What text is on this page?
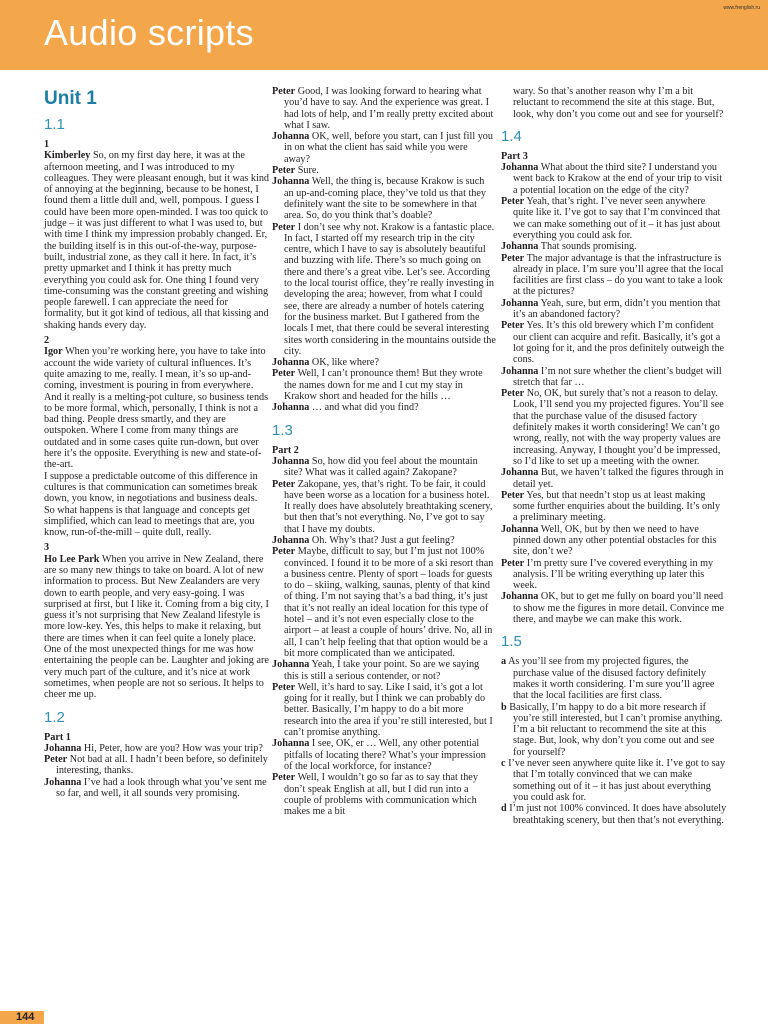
Audio scripts
www.frenglish.ru
Unit 1
1.1
1

Kimberley So, on my first day here, it was at the afternoon meeting, and I was introduced to my colleagues. They were pleasant enough, but it was kind of annoying at the beginning, because to be honest, I found them a little dull and, well, pompous. I guess I could have been more open-minded. I was too quick to judge – it was just different to what I was used to, but with time I think my impression probably changed. Er, the building itself is in this out-of-the-way, purpose-built, industrial zone, as they call it here. In fact, it’s pretty upmarket and I think it has pretty much everything you could ask for. One thing I found very time-consuming was the constant greeting and wishing people farewell. I can appreciate the need for formality, but it got kind of tedious, all that kissing and shaking hands every day.

2

Igor When you’re working here, you have to take into account the wide variety of cultural influences. It’s quite amazing to me, really. I mean, it’s so up-and-coming, investment is pouring in from everywhere. And it really is a melting-pot culture, so business tends to be more formal, which, personally, I think is not a bad thing. People dress smartly, and they are outspoken. Where I come from many things are outdated and in some cases quite run-down, but over here it’s the opposite. Everything is new and state-of-the-art.

I suppose a predictable outcome of this difference in cultures is that communication can sometimes break down, you know, in negotiations and business deals. So what happens is that language and concepts get simplified, which can lead to meetings that are, you know, run-of-the-mill – quite dull, really.

3

Ho Lee Park When you arrive in New Zealand, there are so many new things to take on board. A lot of new information to process. But New Zealanders are very down to earth people, and very easy-going. I was surprised at first, but I like it. Coming from a big city, I guess it’s not surprising that New Zealand lifestyle is more low-key. Yes, this helps to make it relaxing, but there are times when it can feel quite a lonely place. One of the most unexpected things for me was how entertaining the people can be. Laughter and joking are very much part of the culture, and it’s nice at work sometimes, when people are not so serious. It helps to cheer me up.

1.2
Part 1

Johanna Hi, Peter, how are you? How was your trip?

Peter Not bad at all. I hadn’t been before, so definitely interesting, thanks.

Johanna I’ve had a look through what you’ve sent me so far, and well, it all sounds very promising.

Peter Good, I was looking forward to hearing what you’d have to say. And the experience was great. I had lots of help, and I’m really pretty excited about what I saw.

Johanna OK, well, before you start, can I just fill you in on what the client has said while you were away?

Peter Sure.

Johanna Well, the thing is, because Krakow is such an up-and-coming place, they’ve told us that they definitely want the site to be somewhere in that area. So, do you think that’s doable?

Peter I don’t see why not. Krakow is a fantastic place. In fact, I started off my research trip in the city centre, which I have to say is absolutely beautiful and buzzing with life. There’s so much going on there and there’s a great vibe. Let’s see. According to the local tourist office, they’re really investing in developing the area; however, from what I could see, there are already a number of hotels catering for the business market. But I gathered from the locals I met, that there could be several interesting sites worth considering in the mountains outside the city.

Johanna OK, like where?

Peter Well, I can’t pronounce them! But they wrote the names down for me and I cut my stay in Krakow short and headed for the hills …

Johanna … and what did you find?

1.3
Part 2

Johanna So, how did you feel about the mountain site? What was it called again? Zakopane?

Peter Zakopane, yes, that’s right. To be fair, it could have been worse as a location for a business hotel. It really does have absolutely breathtaking scenery, but then that’s not everything. No, I’ve got to say that I have my doubts.

Johanna Oh. Why’s that? Just a gut feeling?

Peter Maybe, difficult to say, but I’m just not 100% convinced. I found it to be more of a ski resort than a business centre. Plenty of sport – loads for guests to do – skiing, walking, saunas, plenty of that kind of thing. I’m not saying that’s a bad thing, it’s just that it’s not really an ideal location for this type of hotel – and it’s not even especially close to the airport – at least a couple of hours’ drive. No, all in all, I can’t help feeling that that option would be a bit more complicated than we anticipated.

Johanna Yeah, I take your point. So are we saying this is still a serious contender, or not?

Peter Well, it’s hard to say. Like I said, it’s got a lot going for it really, but I think we can probably do better. Basically, I’m happy to do a bit more research into the area if you’re still interested, but I can’t promise anything.

Johanna I see, OK, er … Well, any other potential pitfalls of locating there? What’s your impression of the local workforce, for instance?

Peter Well, I wouldn’t go so far as to say that they don’t speak English at all, but I did run into a couple of problems with communication which makes me a bit

wary. So that’s another reason why I’m a bit reluctant to recommend the site at this stage. But, look, why don’t you come out and see for yourself?

1.4
Part 3

Johanna What about the third site? I understand you went back to Krakow at the end of your trip to visit a potential location on the edge of the city?

Peter Yeah, that’s right. I’ve never seen anywhere quite like it. I’ve got to say that I’m convinced that we can make something out of it – it has just about everything you could ask for.

Johanna That sounds promising.

Peter The major advantage is that the infrastructure is already in place. I’m sure you’ll agree that the local facilities are first class – do you want to take a look at the pictures?

Johanna Yeah, sure, but erm, didn’t you mention that it’s an abandoned factory?

Peter Yes. It’s this old brewery which I’m confident our client can acquire and refit. Basically, it’s got a lot going for it, and the pros definitely outweigh the cons.

Johanna I’m not sure whether the client’s budget will stretch that far …

Peter No, OK, but surely that’s not a reason to delay. Look, I’ll send you my projected figures. You’ll see that the purchase value of the disused factory definitely makes it worth considering! We can’t go wrong, really, not with the way property values are increasing. Anyway, I thought you’d be impressed, so I’d like to set up a meeting with the owner.

Johanna But, we haven’t talked the figures through in detail yet.

Peter Yes, but that needn’t stop us at least making some further enquiries about the building. It’s only a preliminary meeting.

Johanna Well, OK, but by then we need to have pinned down any other potential obstacles for this site, don’t we?

Peter I’m pretty sure I’ve covered everything in my analysis. I’ll be writing everything up later this week.

Johanna OK, but to get me fully on board you’ll need to show me the figures in more detail. Convince me there, and maybe we can make this work.

1.5

a As you’ll see from my projected figures, the purchase value of the disused factory definitely makes it worth considering. I’m sure you’ll agree that the local facilities are first class.

b Basically, I’m happy to do a bit more research if you’re still interested, but I can’t promise anything. I’m a bit reluctant to recommend the site at this stage. But, look, why don’t you come out and see for yourself?

c I’ve never seen anywhere quite like it. I’ve got to say that I’m totally convinced that we can make something out of it – it has just about everything you could ask for.

d I’m just not 100% convinced. It does have absolutely breathtaking scenery, but then that’s not everything.

144
